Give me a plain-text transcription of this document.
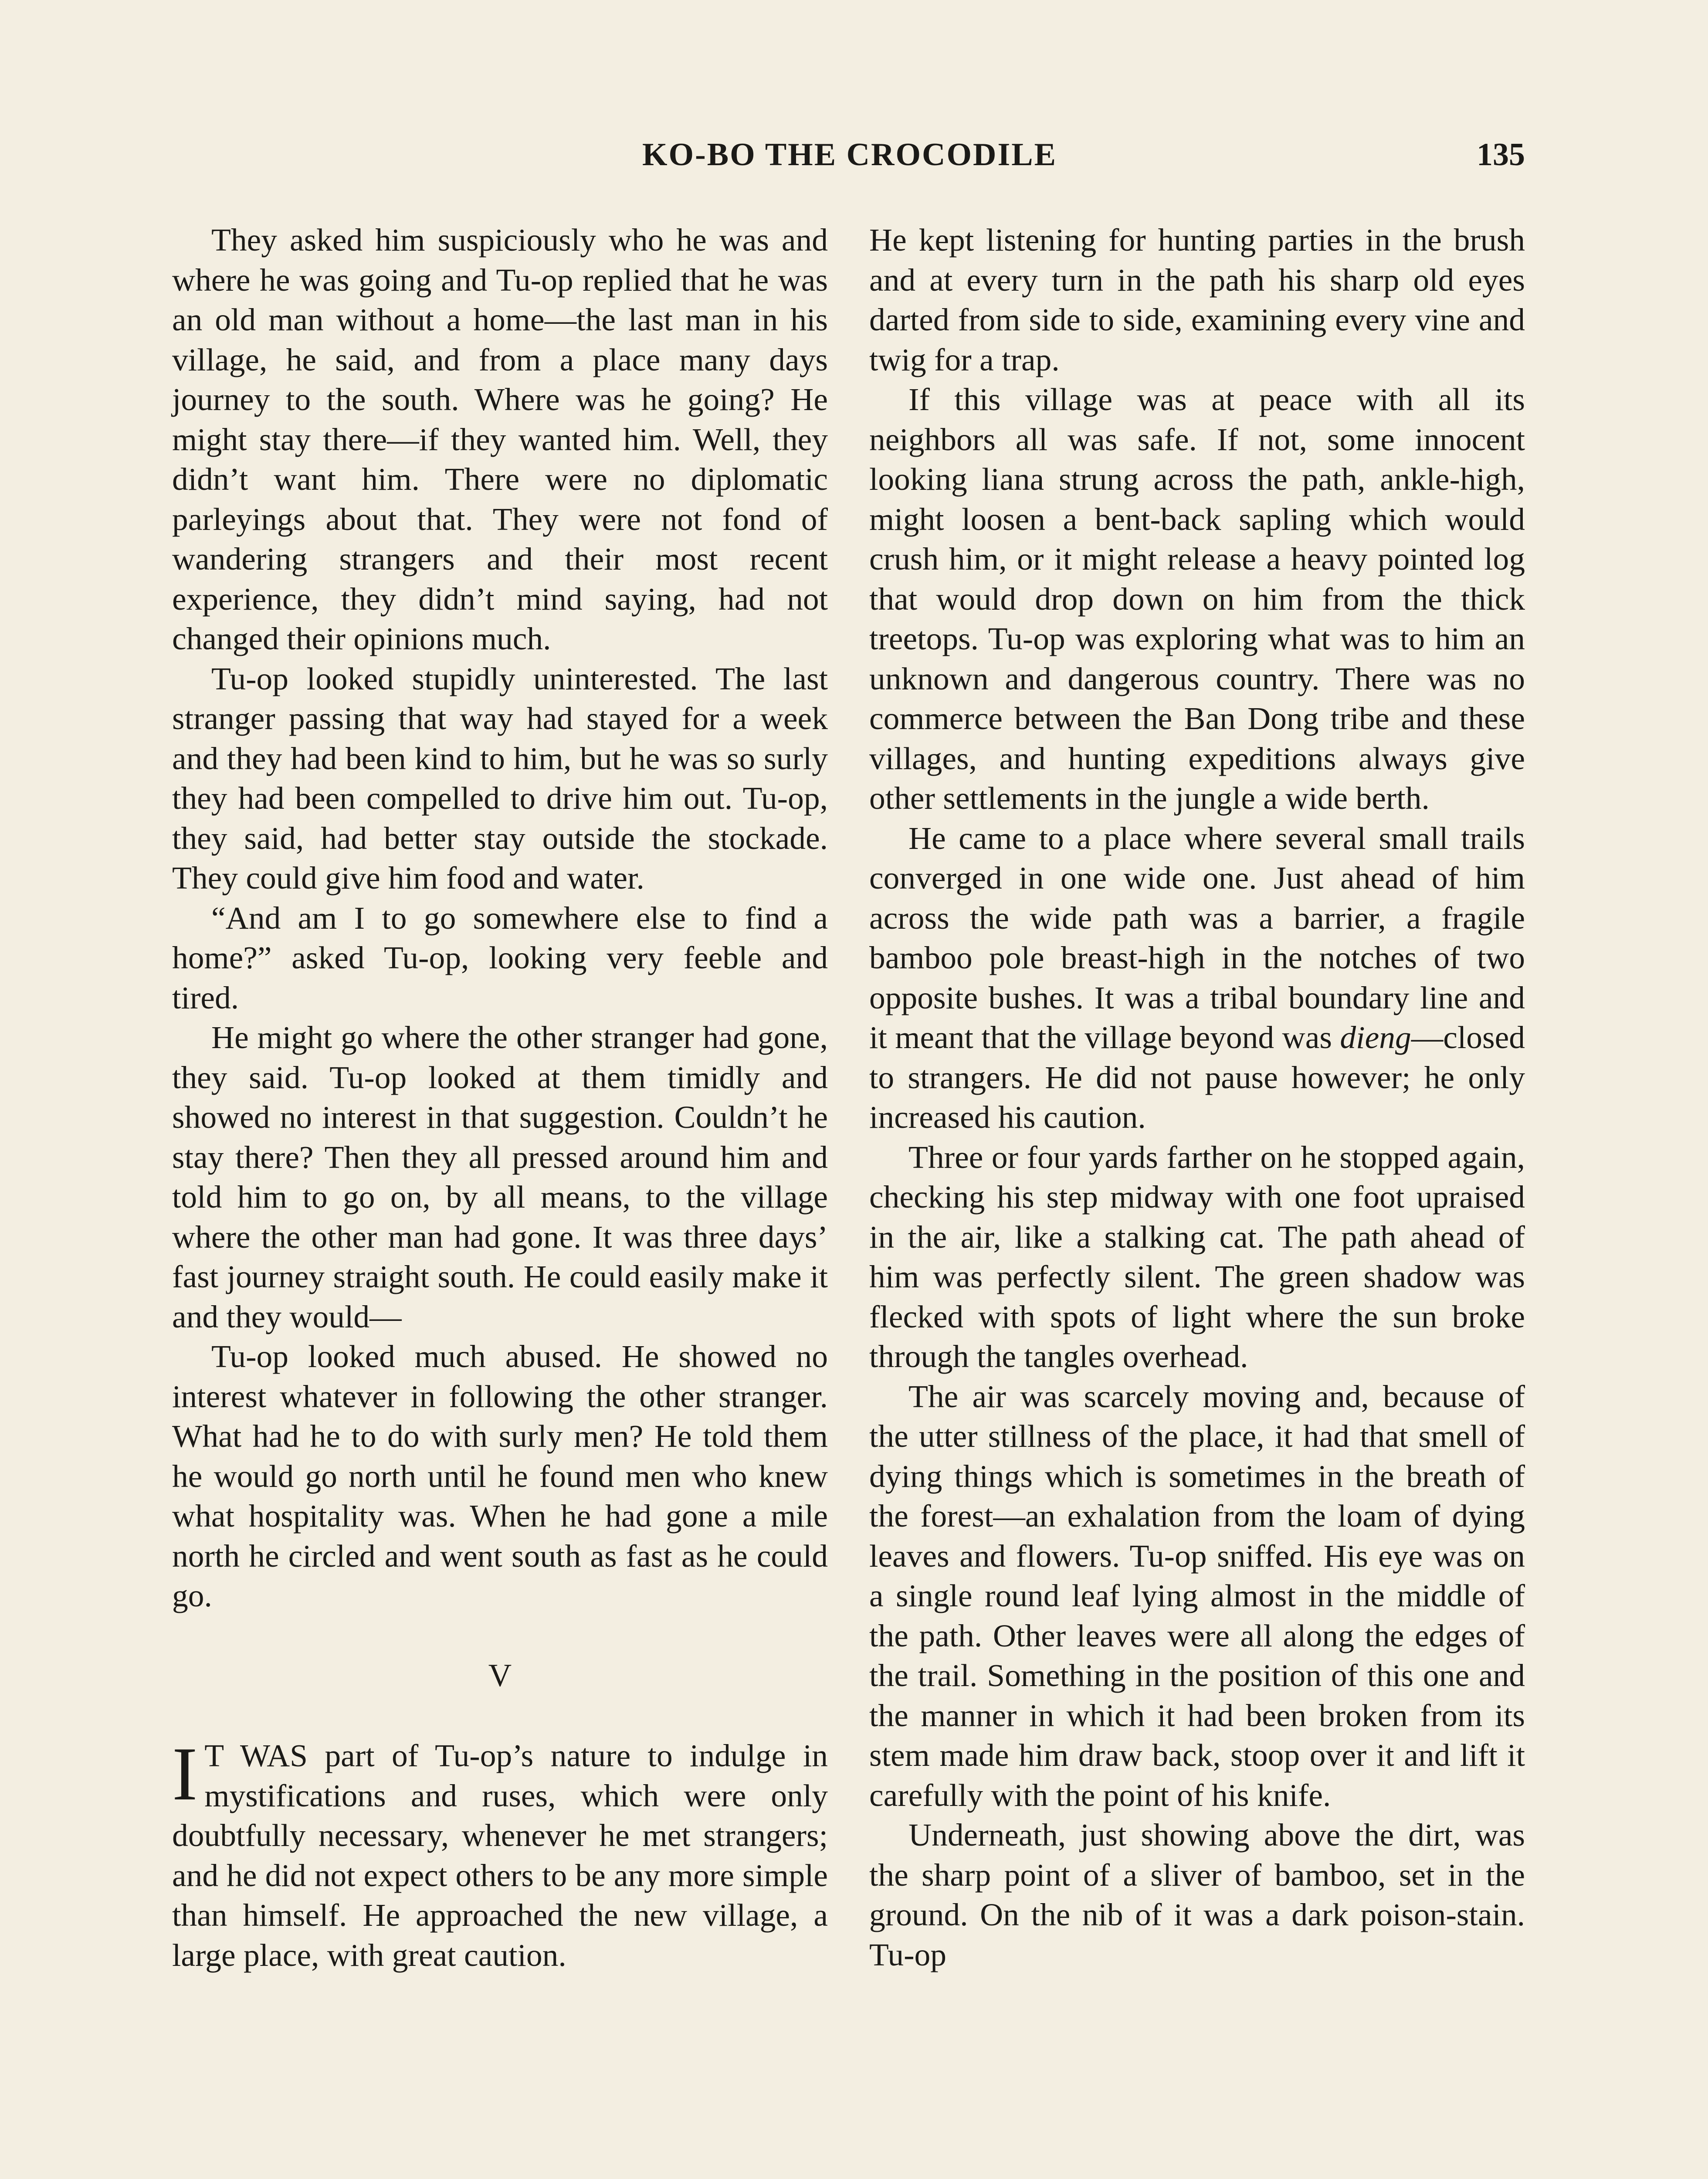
KO-BO THE CROCODILE	135

They asked him suspiciously who he was and where he was going and Tu-op replied that he was an old man without a home—the last man in his village, he said, and from a place many days journey to the south. Where was he going? He might stay there—if they wanted him. Well, they didn’t want him. There were no diplomatic parleyings about that. They were not fond of wandering strangers and their most recent experience, they didn’t mind saying, had not changed their opinions much.

Tu-op looked stupidly uninterested. The last stranger passing that way had stayed for a week and they had been kind to him, but he was so surly they had been compelled to drive him out. Tu-op, they said, had better stay outside the stockade. They could give him food and water.

“And am I to go somewhere else to find a home?” asked Tu-op, looking very feeble and tired.

He might go where the other stranger had gone, they said. Tu-op looked at them timidly and showed no interest in that suggestion. Couldn’t he stay there? Then they all pressed around him and told him to go on, by all means, to the village where the other man had gone. It was three days’ fast journey straight south. He could easily make it and they would—

Tu-op looked much abused. He showed no interest whatever in following the other stranger. What had he to do with surly men? He told them he would go north until he found men who knew what hospitality was. When he had gone a mile north he circled and went south as fast as he could go.

V

I T WAS part of Tu-op’s nature to indulge in mystifications and ruses, which were only doubtfully necessary, whenever he met strangers; and he did not expect others to be any more simple than himself. He approached the new village, a large place, with great caution.

He kept listening for hunting parties in the brush and at every turn in the path his sharp old eyes darted from side to side, examining every vine and twig for a trap.

If this village was at peace with all its neighbors all was safe. If not, some innocent looking liana strung across the path, ankle-high, might loosen a bent-back sapling which would crush him, or it might release a heavy pointed log that would drop down on him from the thick treetops. Tu-op was exploring what was to him an unknown and dangerous country. There was no commerce between the Ban Dong tribe and these villages, and hunting expeditions always give other settlements in the jungle a wide berth.

He came to a place where several small trails converged in one wide one. Just ahead of him across the wide path was a barrier, a fragile bamboo pole breast-high in the notches of two opposite bushes. It was a tribal boundary line and it meant that the village beyond was dieng—closed to strangers. He did not pause however; he only increased his caution.

Three or four yards farther on he stopped again, checking his step midway with one foot upraised in the air, like a stalking cat. The path ahead of him was perfectly silent. The green shadow was flecked with spots of light where the sun broke through the tangles overhead.

The air was scarcely moving and, because of the utter stillness of the place, it had that smell of dying things which is sometimes in the breath of the forest—an exhalation from the loam of dying leaves and flowers. Tu-op sniffed. His eye was on a single round leaf lying almost in the middle of the path. Other leaves were all along the edges of the trail. Something in the position of this one and the manner in which it had been broken from its stem made him draw back, stoop over it and lift it carefully with the point of his knife.

Underneath, just showing above the dirt, was the sharp point of a sliver of bamboo, set in the ground. On the nib of it was a dark poison-stain. Tu-op
